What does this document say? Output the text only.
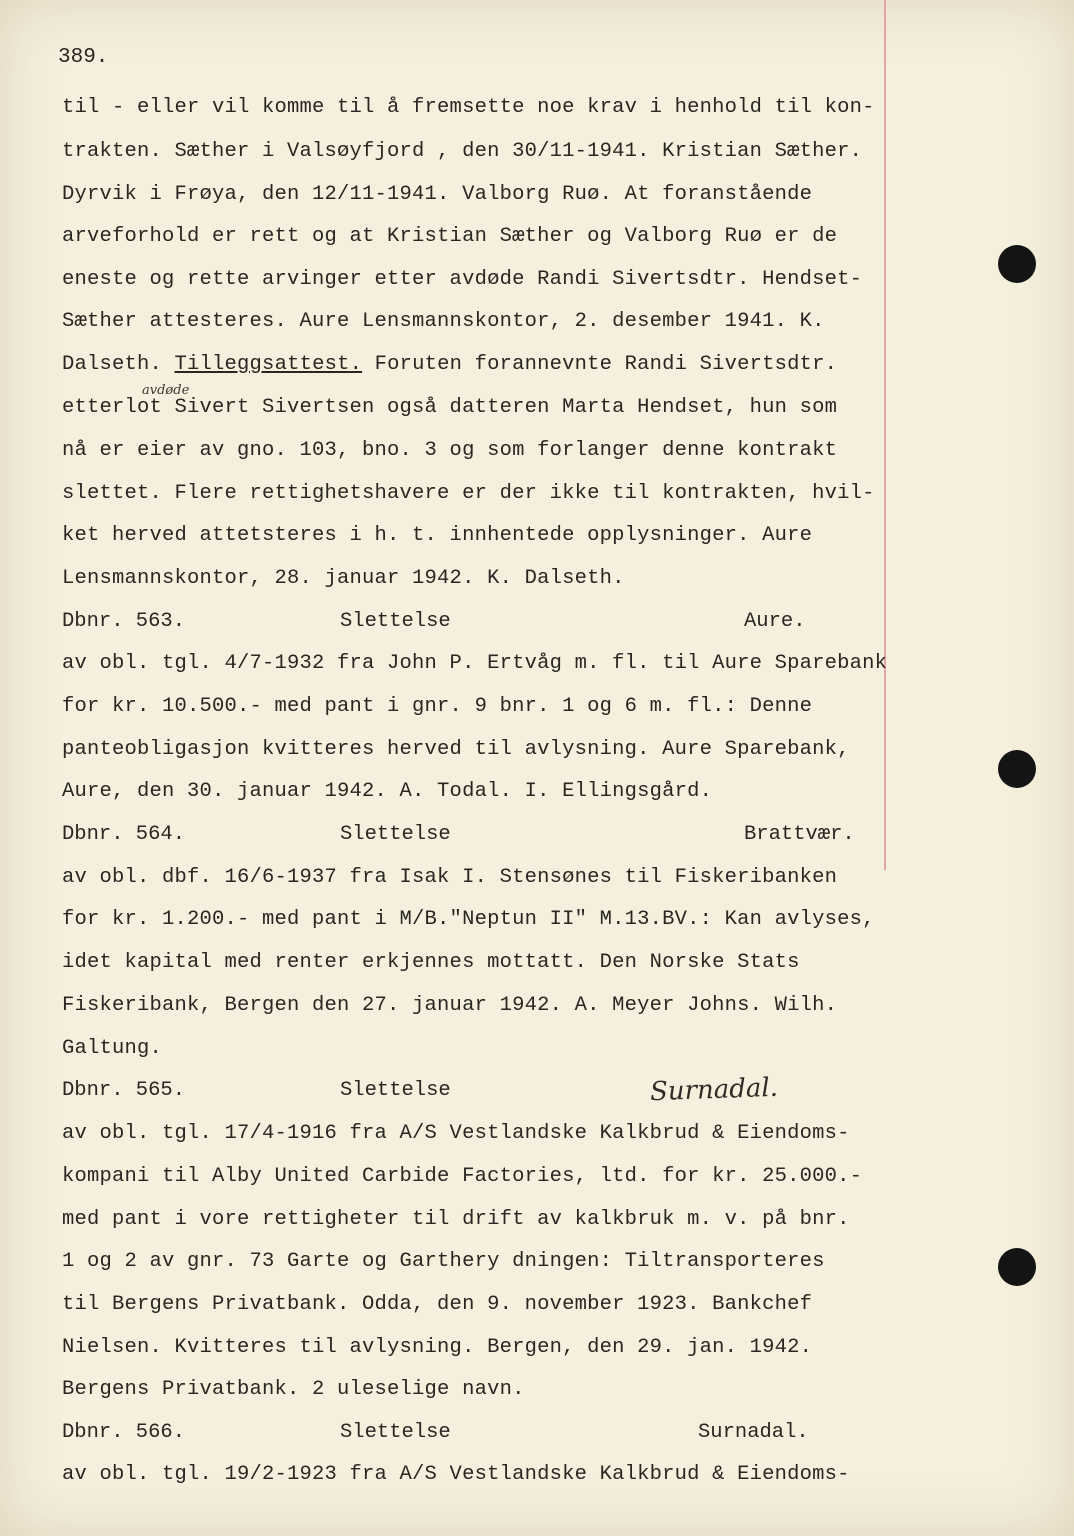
389.
til - eller vil komme til å fremsette noe krav i henhold til kon-
trakten. Sæther i Valsøyfjord , den 30/11-1941. Kristian Sæther.
Dyrvik i Frøya, den 12/11-1941. Valborg Ruø. At foranstående
arveforhold er rett og at Kristian Sæther og Valborg Ruø er de
eneste og rette arvinger etter avdøde Randi Sivertsdtr. Hendset-
Sæther attesteres. Aure Lensmannskontor, 2. desember 1941. K.
Dalseth. Tilleggsattest. Foruten forannevnte Randi Sivertsdtr.
avdøde
etterlot Sivert Sivertsen også datteren Marta Hendset, hun som
nå er eier av gno. 103, bno. 3 og som forlanger denne kontrakt
slettet. Flere rettighetshavere er der ikke til kontrakten, hvil-
ket herved attetsteres i h. t. innhentede opplysninger. Aure
Lensmannskontor, 28. januar 1942. K. Dalseth.
Dbnr. 563.	Slettelse	Aure.
av obl. tgl. 4/7-1932 fra John P. Ertvåg m. fl. til Aure Sparebank
for kr. 10.500.- med pant i gnr. 9 bnr. 1 og 6 m. fl.: Denne
panteobligasjon kvitteres herved til avlysning. Aure Sparebank,
Aure, den 30. januar 1942. A. Todal. I. Ellingsgård.
Dbnr. 564.	Slettelse	Brattvær.
av obl. dbf. 16/6-1937 fra Isak I. Stensønes til Fiskeribanken
for kr. 1.200.- med pant i M/B."Neptun II" M.13.BV.: Kan avlyses,
idet kapital med renter erkjennes mottatt. Den Norske Stats
Fiskeribank, Bergen den 27. januar 1942. A. Meyer Johns. Wilh.
Galtung.
Dbnr. 565.	Slettelse	Surnadal.
av obl. tgl. 17/4-1916 fra A/S Vestlandske Kalkbrud & Eiendoms-
kompani til Alby United Carbide Factories, ltd. for kr. 25.000.-
med pant i vore rettigheter til drift av kalkbruk m. v. på bnr.
1 og 2 av gnr. 73 Garte og Garthery dningen: Tiltransporteres
til Bergens Privatbank. Odda, den 9. november 1923. Bankchef
Nielsen. Kvitteres til avlysning. Bergen, den 29. jan. 1942.
Bergens Privatbank. 2 uleselige navn.
Dbnr. 566.	Slettelse	Surnadal.
av obl. tgl. 19/2-1923 fra A/S Vestlandske Kalkbrud & Eiendoms-
